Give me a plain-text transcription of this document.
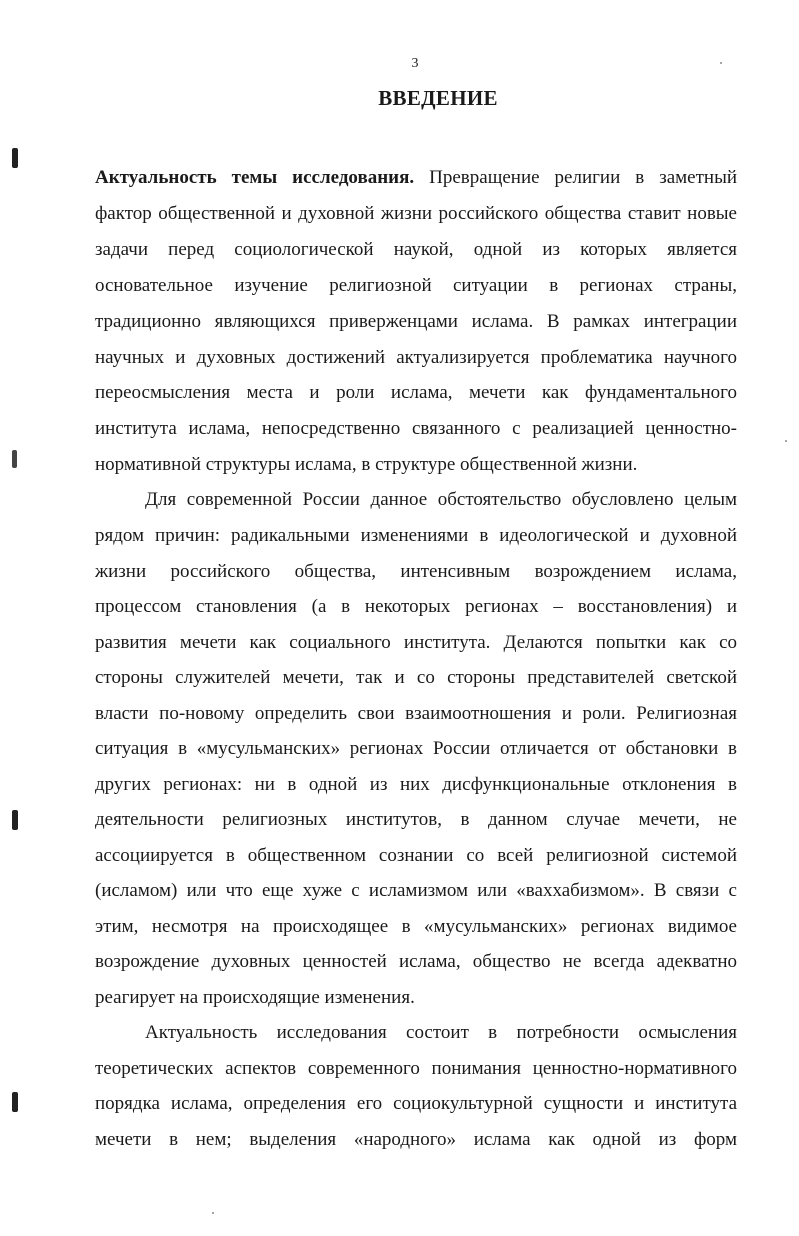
3
ВВЕДЕНИЕ
Актуальность темы исследования. Превращение религии в заметный
фактор общественной и духовной жизни российского общества ставит новые
задачи перед социологической наукой, одной из которых является
основательное изучение религиозной ситуации в регионах страны,
традиционно являющихся приверженцами ислама. В рамках интеграции
научных и духовных достижений актуализируется проблематика научного
переосмысления места и роли ислама, мечети как фундаментального
института ислама, непосредственно связанного с реализацией ценностно-
нормативной структуры ислама, в структуре общественной жизни.
Для современной России данное обстоятельство обусловлено целым
рядом причин: радикальными изменениями в идеологической и духовной
жизни российского общества, интенсивным возрождением ислама,
процессом становления (а в некоторых регионах – восстановления) и
развития мечети как социального института. Делаются попытки как со
стороны служителей мечети, так и со стороны представителей светской
власти по-новому определить свои взаимоотношения и роли. Религиозная
ситуация в «мусульманских» регионах России отличается от обстановки в
других регионах: ни в одной из них дисфункциональные отклонения в
деятельности религиозных институтов, в данном случае мечети, не
ассоциируется в общественном сознании со всей религиозной системой
(исламом) или что еще хуже с исламизмом или «ваххабизмом». В связи с
этим, несмотря на происходящее в «мусульманских» регионах видимое
возрождение духовных ценностей ислама, общество не всегда адекватно
реагирует на происходящие изменения.
Актуальность исследования состоит в потребности осмысления
теоретических аспектов современного понимания ценностно-нормативного
порядка ислама, определения его социокультурной сущности и института
мечети в нем; выделения «народного» ислама как одной из форм
